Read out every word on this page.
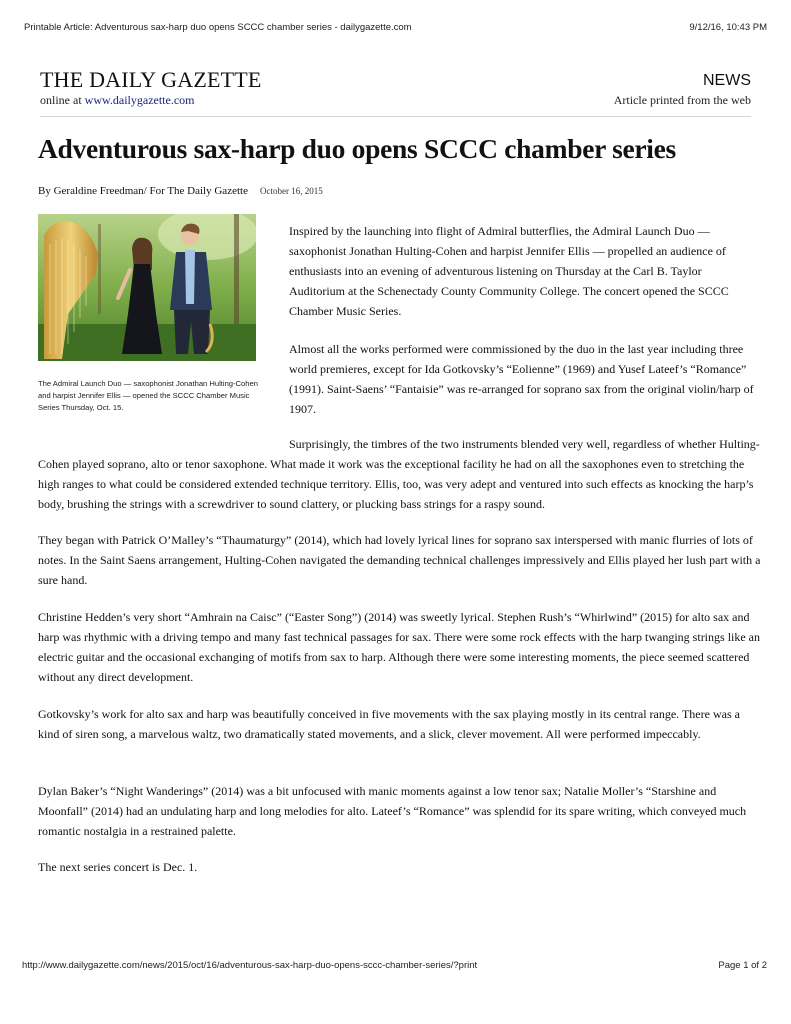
Printable Article: Adventurous sax-harp duo opens SCCC chamber series - dailygazette.com	9/12/16, 10:43 PM
THE DAILY GAZETTE
online at www.dailygazette.com
NEWS
Article printed from the web
Adventurous sax-harp duo opens SCCC chamber series
By Geraldine Freedman/ For The Daily Gazette October 16, 2015
The Admiral Launch Duo — saxophonist Jonathan Hulting-Cohen and harpist Jennifer Ellis — opened the SCCC Chamber Music Series Thursday, Oct. 15.

Inspired by the launching into flight of Admiral butterflies, the Admiral Launch Duo — saxophonist Jonathan Hulting-Cohen and harpist Jennifer Ellis — propelled an audience of enthusiasts into an evening of adventurous listening on Thursday at the Carl B. Taylor Auditorium at the Schenectady County Community College. The concert opened the SCCC Chamber Music Series.

Almost all the works performed were commissioned by the duo in the last year including three world premieres, except for Ida Gotkovsky’s “Eolienne” (1969) and Yusef Lateef’s “Romance” (1991). Saint-Saens’ “Fantaisie” was re-arranged for soprano sax from the original violin/harp of 1907.

Surprisingly, the timbres of the two instruments blended very well, regardless of whether Hulting-Cohen played soprano, alto or tenor saxophone. What made it work was the exceptional facility he had on all the saxophones even to stretching the high ranges to what could be considered extended technique territory. Ellis, too, was very adept and ventured into such effects as knocking the harp’s body, brushing the strings with a screwdriver to sound clattery, or plucking bass strings for a raspy sound.

They began with Patrick O’Malley’s “Thaumaturgy” (2014), which had lovely lyrical lines for soprano sax interspersed with manic flurries of lots of notes. In the Saint Saens arrangement, Hulting-Cohen navigated the demanding technical challenges impressively and Ellis played her lush part with a sure hand.

Christine Hedden’s very short “Amhrain na Caisc” (“Easter Song”) (2014) was sweetly lyrical. Stephen Rush’s “Whirlwind” (2015) for alto sax and harp was rhythmic with a driving tempo and many fast technical passages for sax. There were some rock effects with the harp twanging strings like an electric guitar and the occasional exchanging of motifs from sax to harp. Although there were some interesting moments, the piece seemed scattered without any direct development.

Gotkovsky’s work for alto sax and harp was beautifully conceived in five movements with the sax playing mostly in its central range. There was a kind of siren song, a marvelous waltz, two dramatically stated movements, and a slick, clever movement. All were performed impeccably.

Dylan Baker’s “Night Wanderings” (2014) was a bit unfocused with manic moments against a low tenor sax; Natalie Moller’s “Starshine and Moonfall” (2014) had an undulating harp and long melodies for alto. Lateef’s “Romance” was splendid for its spare writing, which conveyed much romantic nostalgia in a restrained palette.

The next series concert is Dec. 1.

http://www.dailygazette.com/news/2015/oct/16/adventurous-sax-harp-duo-opens-sccc-chamber-series/?print	Page 1 of 2
